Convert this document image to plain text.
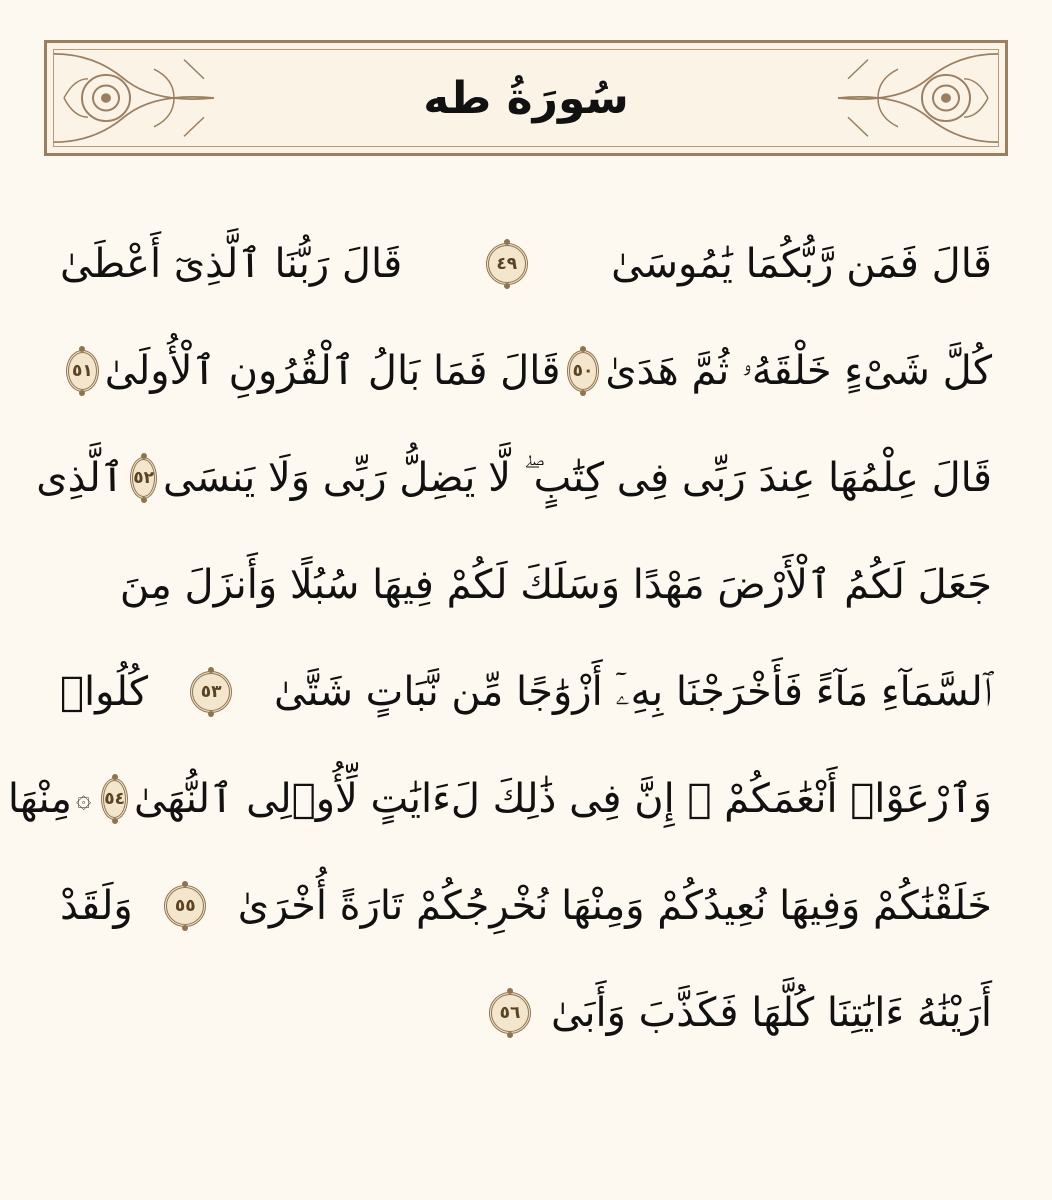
سُورَةُ طه
قَالَ فَمَن رَّبُّكُمَا يَٰمُوسَىٰ
٤٩
قَالَ رَبُّنَا ٱلَّذِىٓ أَعْطَىٰ
كُلَّ شَىْءٍ خَلْقَهُۥ ثُمَّ هَدَىٰ
٥٠
قَالَ فَمَا بَالُ ٱلْقُرُونِ ٱلْأُولَىٰ
٥١
قَالَ عِلْمُهَا عِندَ رَبِّى فِى كِتَٰبٍ ۖ لَّا يَضِلُّ رَبِّى وَلَا يَنسَى
٥٢
ٱلَّذِى
جَعَلَ لَكُمُ ٱلْأَرْضَ مَهْدًا وَسَلَكَ لَكُمْ فِيهَا سُبُلًا وَأَنزَلَ مِنَ
ٱلسَّمَآءِ مَآءً فَأَخْرَجْنَا بِهِۦٓ أَزْوَٰجًا مِّن نَّبَاتٍ شَتَّىٰ
٥٣
كُلُوا۟
وَٱرْعَوْا۟ أَنْعَٰمَكُمْ ۗ إِنَّ فِى ذَٰلِكَ لَءَايَٰتٍ لِّأُو۟لِى ٱلنُّهَىٰ
٥٤
۞
مِنْهَا
خَلَقْنَٰكُمْ وَفِيهَا نُعِيدُكُمْ وَمِنْهَا نُخْرِجُكُمْ تَارَةً أُخْرَىٰ
٥٥
وَلَقَدْ
أَرَيْنَٰهُ ءَايَٰتِنَا كُلَّهَا فَكَذَّبَ وَأَبَىٰ
٥٦
